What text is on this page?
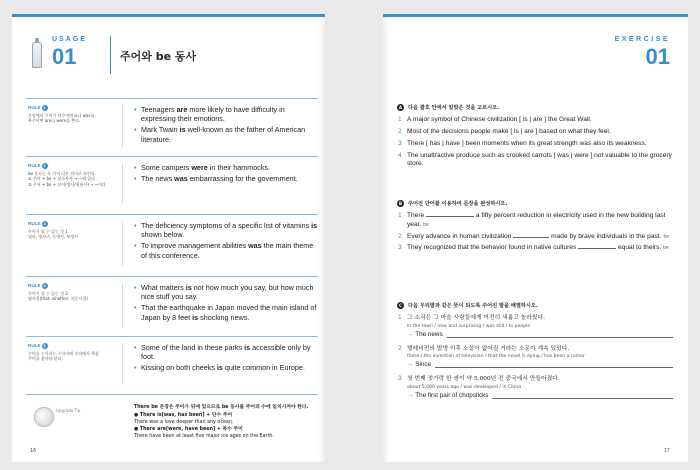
USAGE
01	주어와 be 동사
RULE 1
문장에서 주어가 단수이면 is나 was를,
복수이면 are나 were를 쓴다.
• Teenagers are more likely to have difficulty in expressing their emotions.
• Mark Twain is well-known as the father of American literature.
RULE 2
be 동사는 두 가지 다른 의미로 쓰인다.
① 주어 + be + 장소부사 → ~에 있다
② 주어 + be + 보어(명사/형용사) → ~이다
• Some campers were in their hammocks.
• The news was embarrassing for the government.
RULE 3
주어가 될 수 있는 것 1
명사, 명사구, 동명사, 부정사
• The deficiency symptoms of a specific list of vitamins is shown below.
• To improve management abilities was the main theme of this conference.
RULE 4
주어가 될 수 있는 것 2
명사절(that, whether, 의문사절)
• What matters is not how much you say, but how much nice stuff you say.
• That the earthquake in Japan moved the main island of Japan by 8 feet is shocking news.
RULE 5
주어를 수식하는 수식어에 주의해서 핵심
주어를 찾아야 한다.
• Some of the land in these parks is accessible only by foot.
• Kissing on both cheeks is quite common in Europe.
Upgrade Tip
There be 문장은 주어가 뒤에 있으므로 be 동사를 주어의 수에 일치시켜야 한다.
● There is[was, has been] + 단수 주어
There was a love deeper than any ocean.
● There are[were, have been] + 복수 주어
There have been at least five major ice ages on the Earth.
16
EXERCISE
01
A	다음 괄호 안에서 알맞은 것을 고르시오.
1 A major symbol of Chinese civilization [ is | are ] the Great Wall.
2 Most of the decisions people make [ is | are ] based on what they feel.
3 There [ has | have ] been moments when its great strength was also its weakness.
4 The unattractive produce such as crooked carrots [ was | were ] not valuable to the grocery store.
B	주어진 단어를 이용하여 문장을 완성하시오.
1 There	a fifty percent reduction in electricity used in the new building last year. be
2 Every advance in human civilization	made by brave individuals in the past. be
3 They recognized that the behavior found in native cultures	equal to theirs. be
C	다음 우리말과 같은 뜻이 되도록 주어진 말을 배열하시오.
1 그 소식은 그 마을 사람들에게 여전히 새롭고 놀라웠다.
in the town / new and surprising / was still / to people
→ The news
2 텔레비전의 발명 이후 소설이 없어질 거라는 소문이 계속 있었다.
there / the invention of television / that the novel is dying / has been a rumor
→ Since
3 첫 번째 젓가락 한 쌍이 약 5,000년 전 중국에서 만들어졌다.
about 5,000 years ago / was developed / in China
→ The first pair of chopsticks
17
